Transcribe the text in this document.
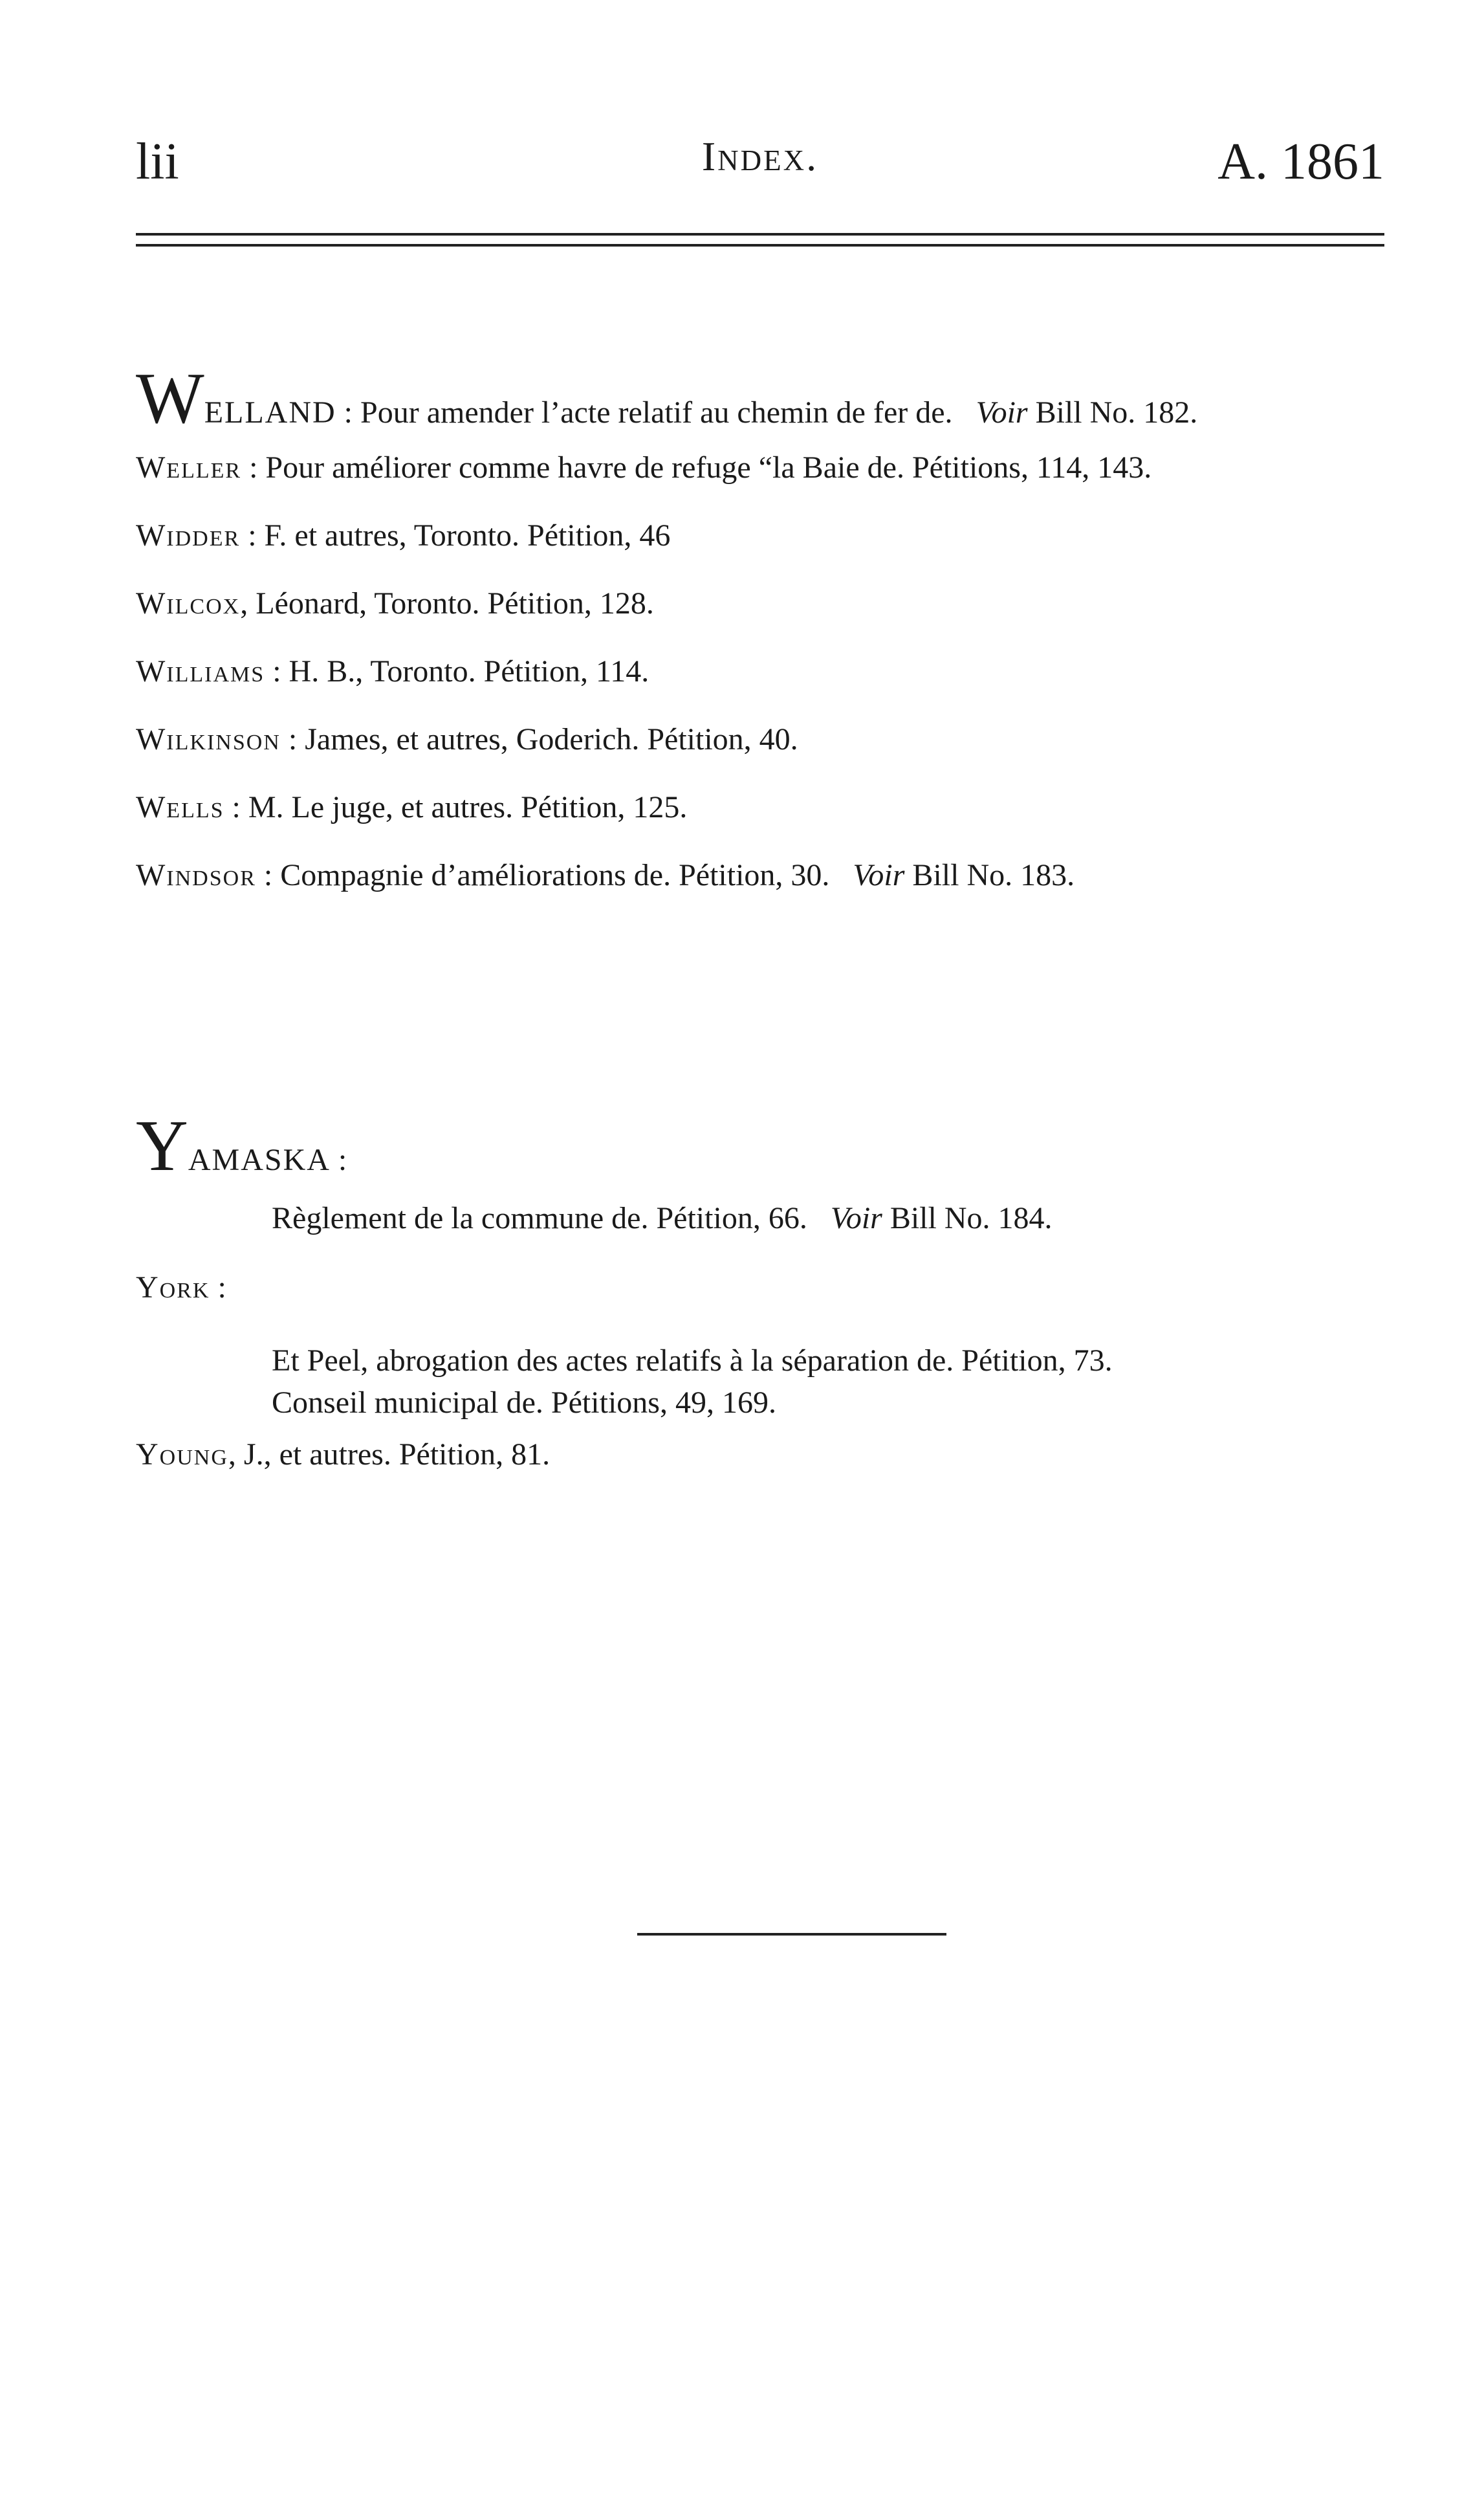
lii	Index.	A. 1861
WELLAND : Pour amender l’acte relatif au chemin de fer de. Voir Bill No. 182.
Weller : Pour améliorer comme havre de refuge “la Baie de. Pétitions, 114, 143.
Widder : F. et autres, Toronto. Pétition, 46
Wilcox, Léonard, Toronto. Pétition, 128.
Williams : H. B., Toronto. Pétition, 114.
Wilkinson : James, et autres, Goderich. Pétition, 40.
Wells : M. Le juge, et autres. Pétition, 125.
Windsor : Compagnie d’améliorations de. Pétition, 30. Voir Bill No. 183.
YAMASKA :
Règlement de la commune de. Pétition, 66. Voir Bill No. 184.
York :
Et Peel, abrogation des actes relatifs à la séparation de. Pétition, 73.
Conseil municipal de. Pétitions, 49, 169.
Young, J., et autres. Pétition, 81.
